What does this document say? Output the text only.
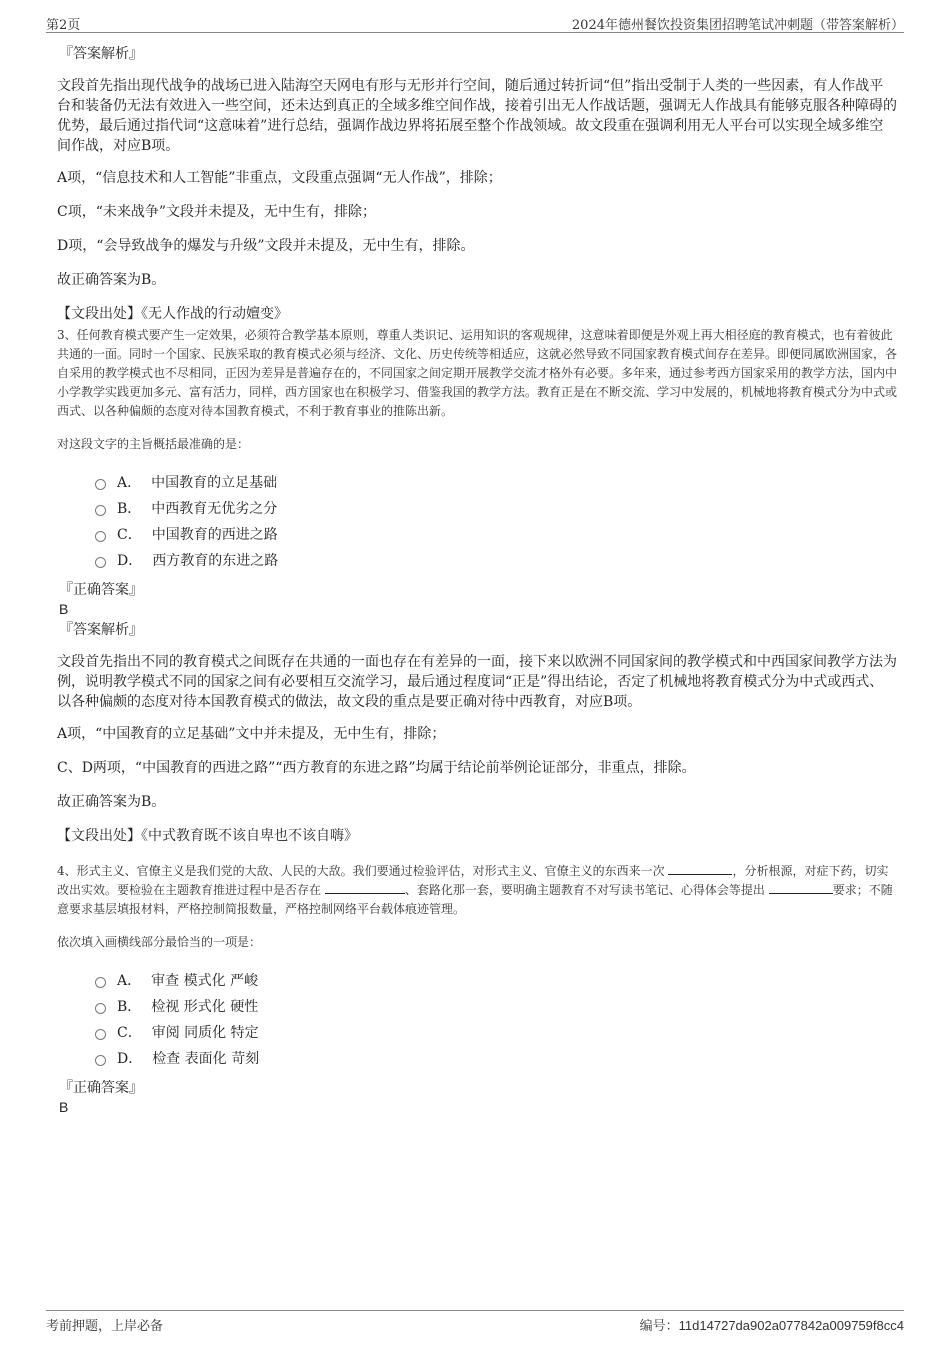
第2页	2024年德州餐饮投资集团招聘笔试冲刺题（带答案解析）
『答案解析』

文段首先指出现代战争的战场已进入陆海空天网电有形与无形并行空间，随后通过转折词“但”指出受制于人类的一些因素，有人作战平台和装备仍无法有效进入一些空间，还未达到真正的全域多维空间作战，接着引出无人作战话题，强调无人作战具有能够克服各种障碍的优势，最后通过指代词“这意味着”进行总结，强调作战边界将拓展至整个作战领域。故文段重在强调利用无人平台可以实现全域多维空间作战，对应B项。

A项，“信息技术和人工智能”非重点，文段重点强调“无人作战”，排除；

C项，“未来战争”文段并未提及，无中生有，排除；

D项，“会导致战争的爆发与升级”文段并未提及，无中生有，排除。

故正确答案为B。

【文段出处】《无人作战的行动嬗变》

3、任何教育模式要产生一定效果，必须符合教学基本原则，尊重人类识记、运用知识的客观规律，这意味着即便是外观上再大相径庭的教育模式，也有着彼此共通的一面。同时一个国家、民族采取的教育模式必须与经济、文化、历史传统等相适应，这就必然导致不同国家教育模式间存在差异。即便同属欧洲国家，各自采用的教学模式也不尽相同，正因为差异是普遍存在的，不同国家之间定期开展教学交流才格外有必要。多年来，通过参考西方国家采用的教学方法，国内中小学教学实践更加多元、富有活力，同样，西方国家也在积极学习、借鉴我国的教学方法。教育正是在不断交流、学习中发展的，机械地将教育模式分为中式或西式、以各种偏颇的态度对待本国教育模式，不利于教育事业的推陈出新。

对这段文字的主旨概括最准确的是：

A． 中国教育的立足基础
B． 中西教育无优劣之分
C． 中国教育的西进之路
D． 西方教育的东进之路
『正确答案』
B
『答案解析』

文段首先指出不同的教育模式之间既存在共通的一面也存在有差异的一面，接下来以欧洲不同国家间的教学模式和中西国家间教学方法为例，说明教学模式不同的国家之间有必要相互交流学习，最后通过程度词“正是”得出结论，否定了机械地将教育模式分为中式或西式、以各种偏颇的态度对待本国教育模式的做法，故文段的重点是要正确对待中西教育，对应B项。

A项，“中国教育的立足基础”文中并未提及，无中生有，排除；

C、D两项，“中国教育的西进之路”“西方教育的东进之路”均属于结论前举例论证部分，非重点，排除。

故正确答案为B。

【文段出处】《中式教育既不该自卑也不该自嗨》

4、形式主义、官僚主义是我们党的大敌、人民的大敌。我们要通过检验评估，对形式主义、官僚主义的东西来一次	，分析根源，对症下药，切实改出实效。要检验在主题教育推进过程中是否存在	、套路化那一套，要明确主题教育不对写读书笔记、心得体会等提出	要求；不随意要求基层填报材料，严格控制简报数量，严格控制网络平台载体痕迹管理。

依次填入画横线部分最恰当的一项是：

A． 审查 模式化 严峻
B． 检视 形式化 硬性
C． 审阅 同质化 特定
D． 检查 表面化 苛刻
『正确答案』
B
考前押题，上岸必备	编号：11d14727da902a077842a009759f8cc4
